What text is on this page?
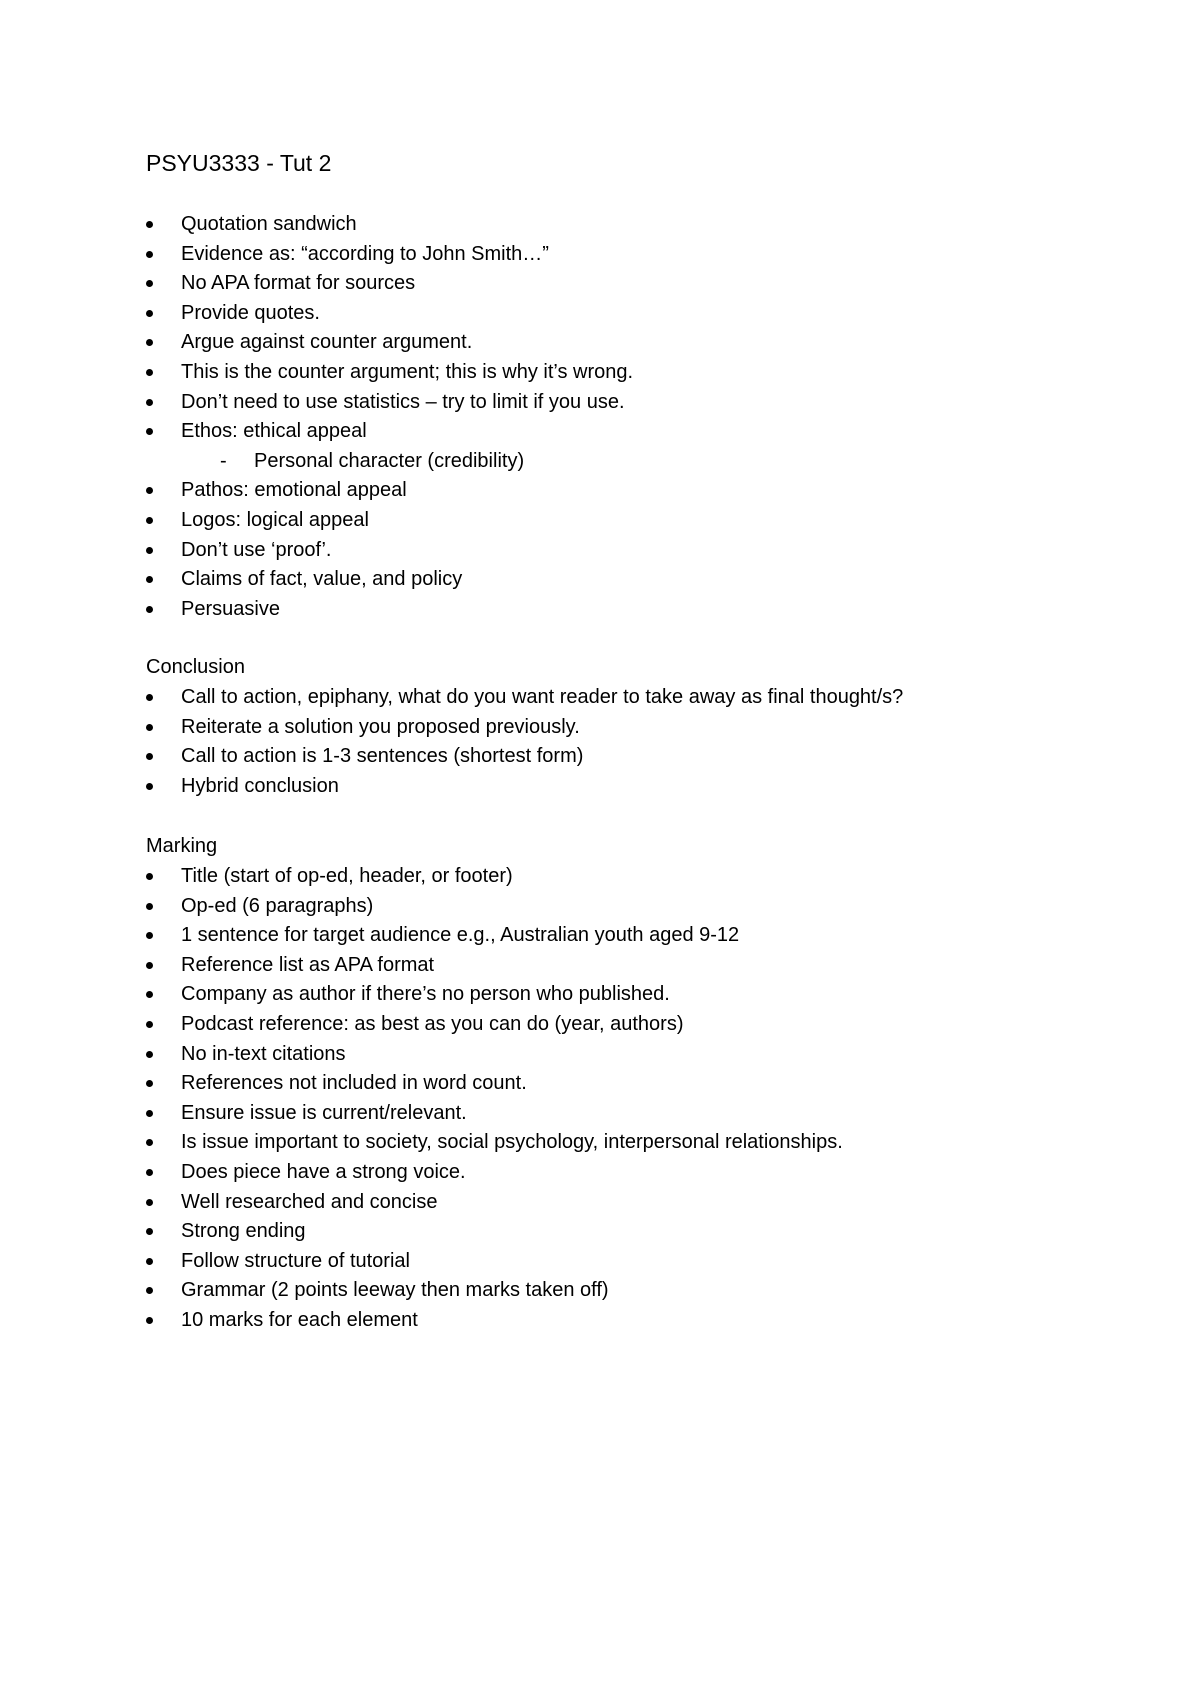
PSYU3333 - Tut 2
Quotation sandwich
Evidence as: “according to John Smith…”
No APA format for sources
Provide quotes.
Argue against counter argument.
This is the counter argument; this is why it’s wrong.
Don’t need to use statistics – try to limit if you use.
Ethos: ethical appeal
- Personal character (credibility)
Pathos: emotional appeal
Logos: logical appeal
Don’t use ‘proof’.
Claims of fact, value, and policy
Persuasive
Conclusion
Call to action, epiphany, what do you want reader to take away as final thought/s?
Reiterate a solution you proposed previously.
Call to action is 1-3 sentences (shortest form)
Hybrid conclusion
Marking
Title (start of op-ed, header, or footer)
Op-ed (6 paragraphs)
1 sentence for target audience e.g., Australian youth aged 9-12
Reference list as APA format
Company as author if there’s no person who published.
Podcast reference: as best as you can do (year, authors)
No in-text citations
References not included in word count.
Ensure issue is current/relevant.
Is issue important to society, social psychology, interpersonal relationships.
Does piece have a strong voice.
Well researched and concise
Strong ending
Follow structure of tutorial
Grammar (2 points leeway then marks taken off)
10 marks for each element
